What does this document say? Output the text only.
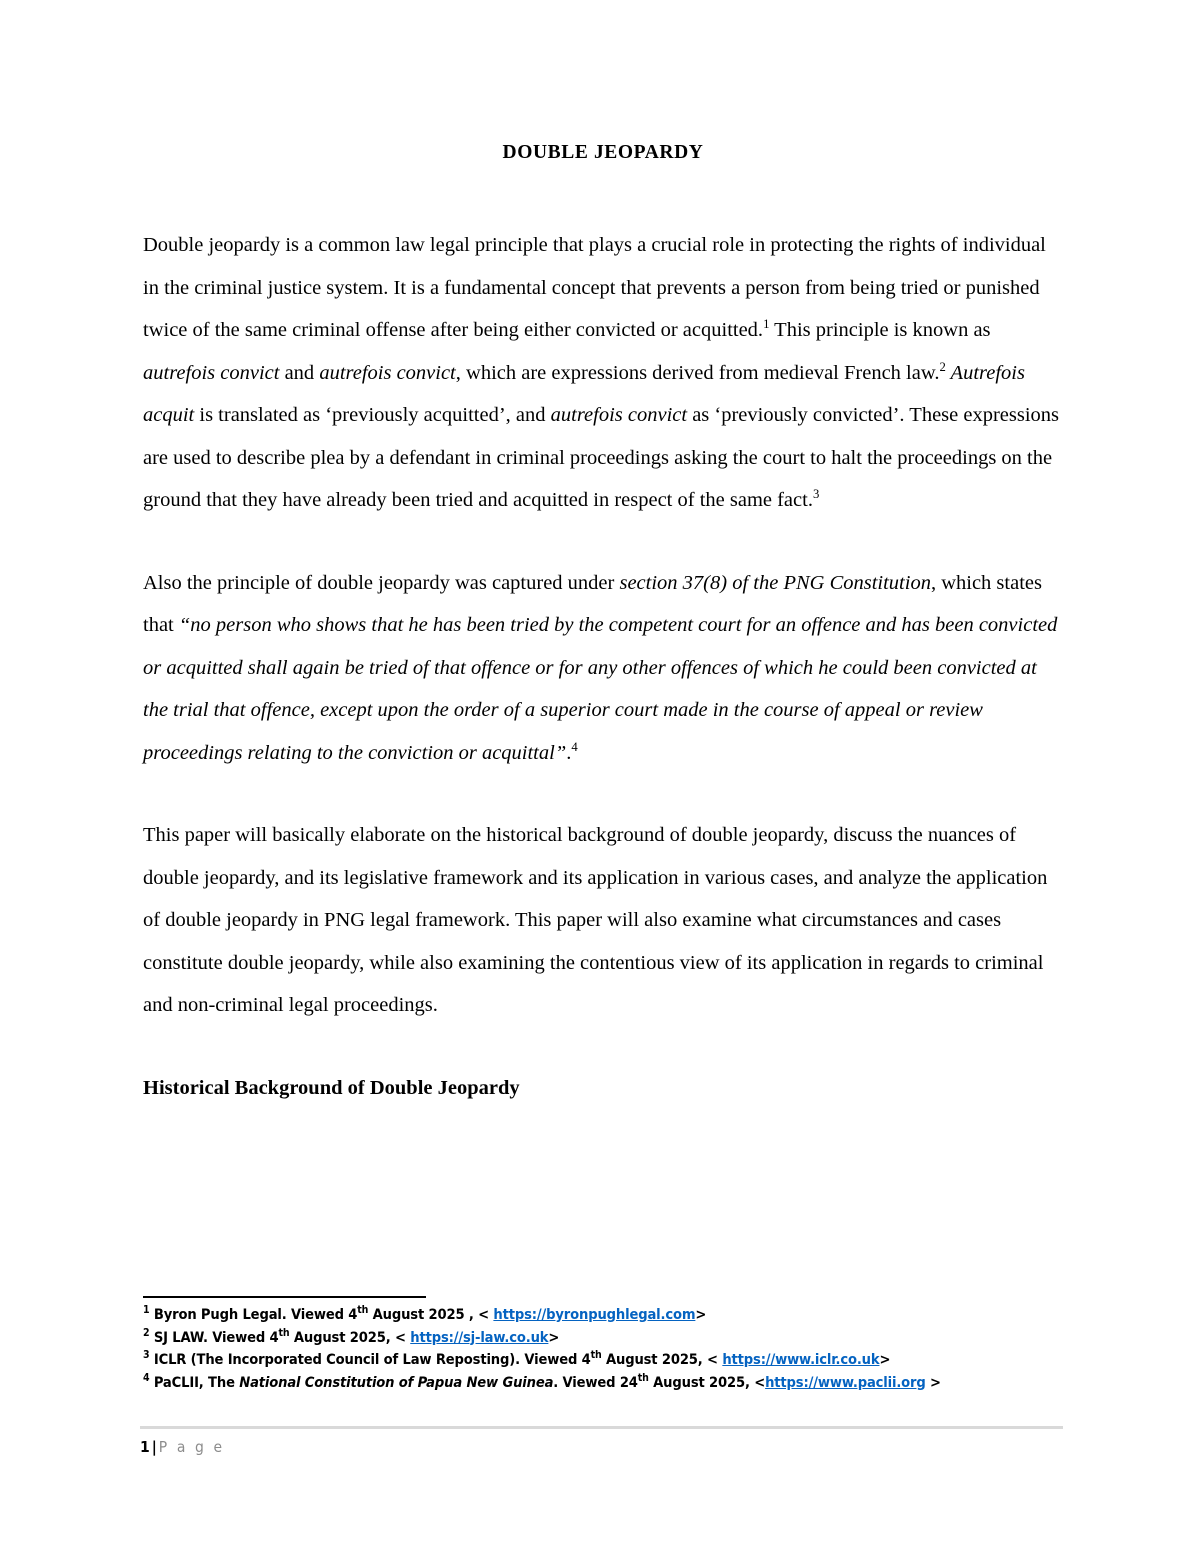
DOUBLE JEOPARDY

Double jeopardy is a common law legal principle that plays a crucial role in protecting the rights of individual in the criminal justice system. It is a fundamental concept that prevents a person from being tried or punished twice of the same criminal offense after being either convicted or acquitted.$^1$ This principle is known as autrefois convict and autrefois convict, which are expressions derived from medieval French law.$^2$ Autrefois acquit is translated as ‘previously acquitted’, and autrefois convict as ‘previously convicted’. These expressions are used to describe plea by a defendant in criminal proceedings asking the court to halt the proceedings on the ground that they have already been tried and acquitted in respect of the same fact.$^3$

Also the principle of double jeopardy was captured under section 37(8) of the PNG Constitution, which states that “no person who shows that he has been tried by the competent court for an offence and has been convicted or acquitted shall again be tried of that offence or for any other offences of which he could been convicted at the trial that offence, except upon the order of a superior court made in the course of appeal or review proceedings relating to the conviction or acquittal”.$^4$

This paper will basically elaborate on the historical background of double jeopardy, discuss the nuances of double jeopardy, and its legislative framework and its application in various cases, and analyze the application of double jeopardy in PNG legal framework. This paper will also examine what circumstances and cases constitute double jeopardy, while also examining the contentious view of its application in regards to criminal and non-criminal legal proceedings.

Historical Background of Double Jeopardy
$^1$ Byron Pugh Legal. Viewed 4th August 2025 , < https://byronpughlegal.com>
$^2$ SJ LAW. Viewed 4th August 2025, < https://sj-law.co.uk>
$^3$ ICLR (The Incorporated Council of Law Reposting). Viewed 4th August 2025, < https://www.iclr.co.uk>
$^4$ PaCLII, The National Constitution of Papua New Guinea. Viewed 24th August 2025, <https://www.paclii.org >
1 | P a g e
